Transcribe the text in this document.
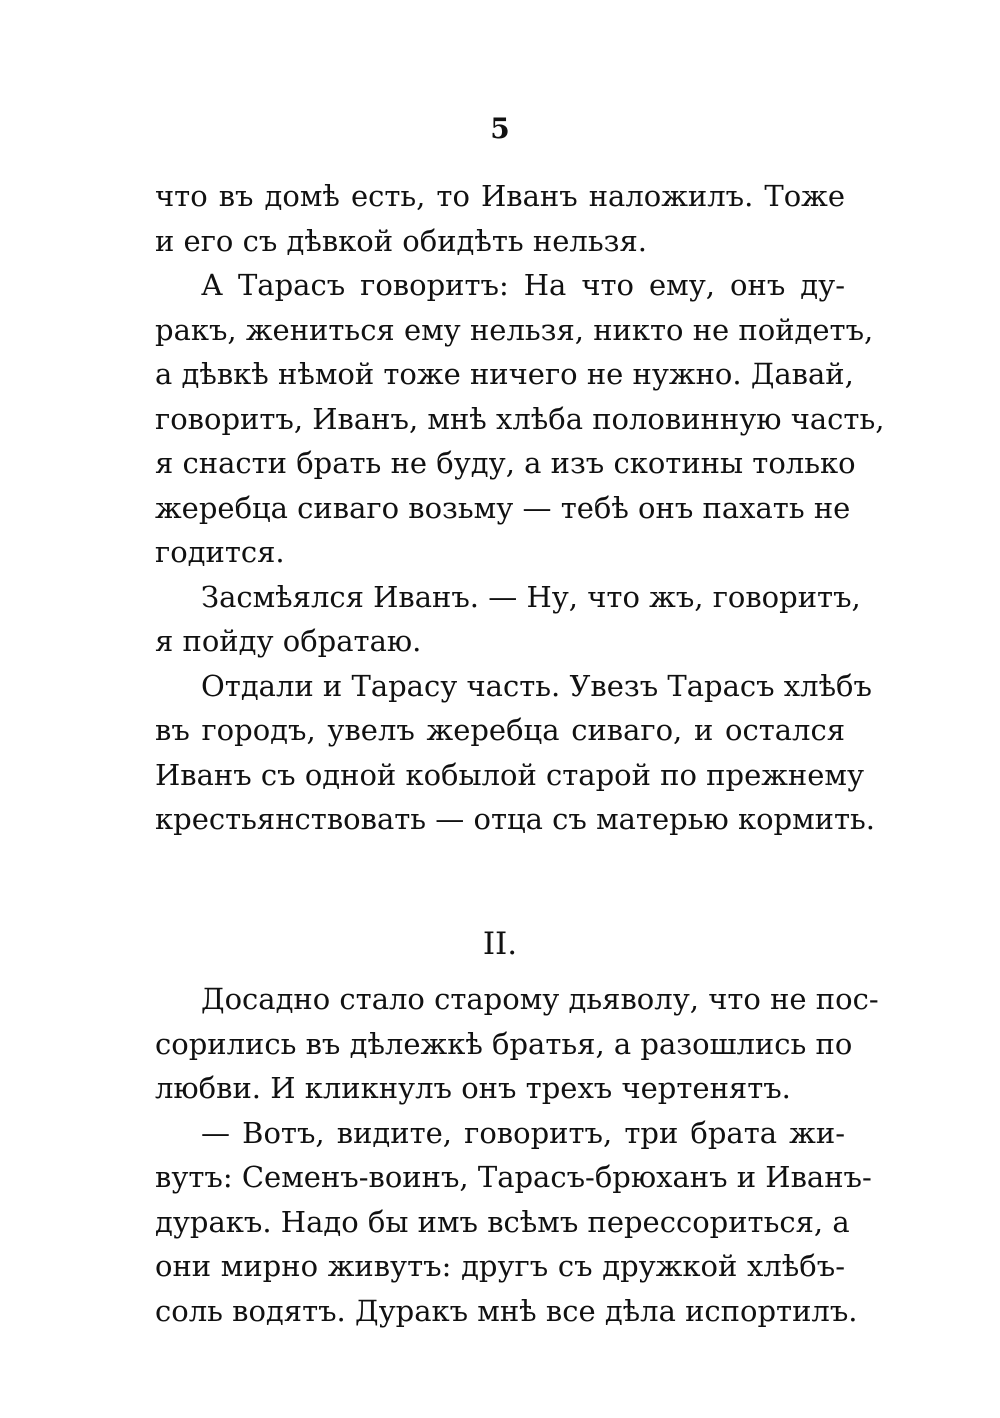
5
что въ домѣ есть, то Иванъ наложилъ. Тоже
и его съ дѣвкой обидѣть нельзя.
А Тарасъ говоритъ: На что ему, онъ ду-
ракъ, жениться ему нельзя, никто не пойдетъ,
а дѣвкѣ нѣмой тоже ничего не нужно. Давай,
говоритъ, Иванъ, мнѣ хлѣба половинную часть,
я снасти брать не буду, а изъ скотины только
жеребца сиваго возьму — тебѣ онъ пахать не
годится.
Засмѣялся Иванъ. — Ну, что жъ, говоритъ,
я пойду обратаю.
Отдали и Тарасу часть. Увезъ Тарасъ хлѣбъ
въ городъ, увелъ жеребца сиваго, и остался
Иванъ съ одной кобылой старой по прежнему
крестьянствовать — отца съ матерью кормить.
II.
Досадно стало старому дьяволу, что не пос-
сорились въ дѣлежкѣ братья, а разошлись по
любви. И кликнулъ онъ трехъ чертенятъ.
— Вотъ, видите, говоритъ, три брата жи-
вутъ: Семенъ-воинъ, Тарасъ-брюханъ и Иванъ-
дуракъ. Надо бы имъ всѣмъ перессориться, а
они мирно живутъ: другъ съ дружкой хлѣбъ-
соль водятъ. Дуракъ мнѣ все дѣла испортилъ.
